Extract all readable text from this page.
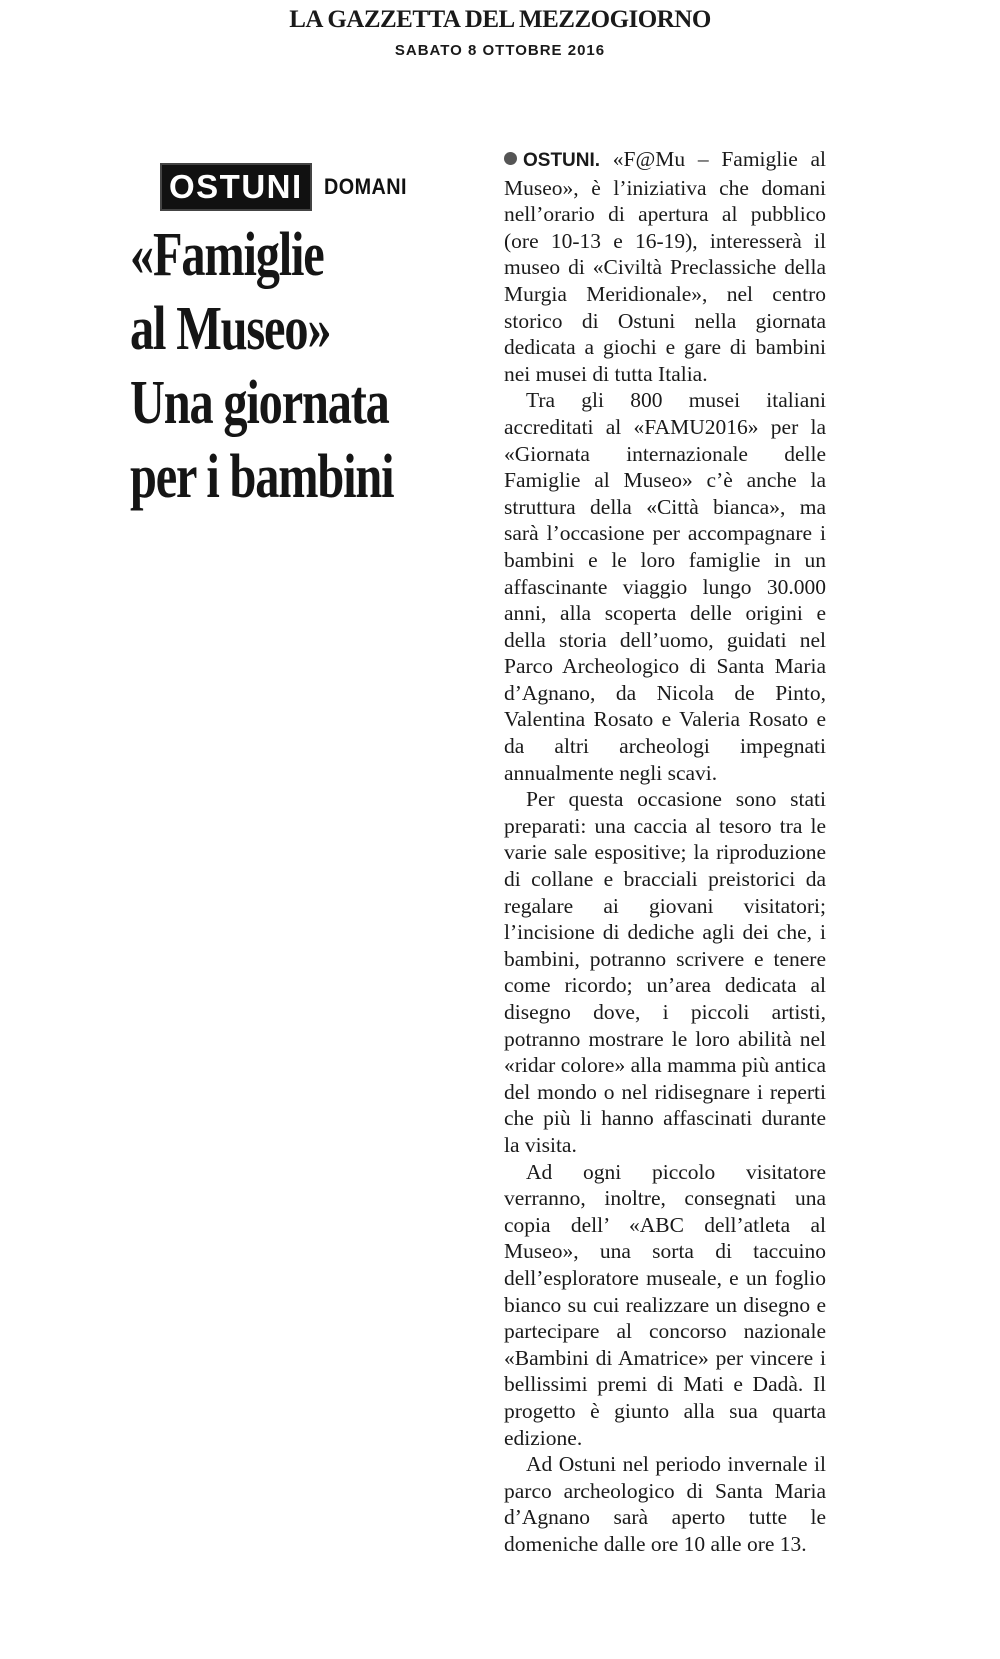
LA GAZZETTA DEL MEZZOGIORNO
SABATO 8 OTTOBRE 2016
OSTUNI DOMANI
«Famiglie
al Museo»
Una giornata
per i bambini

OSTUNI. «F@Mu – Famiglie al Museo», è l’iniziativa che domani nell’orario di apertura al pubblico (ore 10-13 e 16-19), interesserà il museo di «Civiltà Preclassiche della Murgia Meridionale», nel centro storico di Ostuni nella giornata dedicata a giochi e gare di bambini nei musei di tutta Italia.

Tra gli 800 musei italiani accreditati al «FAMU2016» per la «Giornata internazionale delle Famiglie al Museo» c’è anche la struttura della «Città bianca», ma sarà l’occasione per accompagnare i bambini e le loro famiglie in un affascinante viaggio lungo 30.000 anni, alla scoperta delle origini e della storia dell’uomo, guidati nel Parco Archeologico di Santa Maria d’Agnano, da Nicola de Pinto, Valentina Rosato e Valeria Rosato e da altri archeologi impegnati annualmente negli scavi.

Per questa occasione sono stati preparati: una caccia al tesoro tra le varie sale espositive; la riproduzione di collane e bracciali preistorici da regalare ai giovani visitatori; l’incisione di dediche agli dei che, i bambini, potranno scrivere e tenere come ricordo; un’area dedicata al disegno dove, i piccoli artisti, potranno mostrare le loro abilità nel «ridar colore» alla mamma più antica del mondo o nel ridisegnare i reperti che più li hanno affascinati durante la visita.

Ad ogni piccolo visitatore verranno, inoltre, consegnati una copia dell’ «ABC dell’atleta al Museo», una sorta di taccuino dell’esploratore museale, e un foglio bianco su cui realizzare un disegno e partecipare al concorso nazionale «Bambini di Amatrice» per vincere i bellissimi premi di Mati e Dadà. Il progetto è giunto alla sua quarta edizione.

Ad Ostuni nel periodo invernale il parco archeologico di Santa Maria d’Agnano sarà aperto tutte le domeniche dalle ore 10 alle ore 13.
